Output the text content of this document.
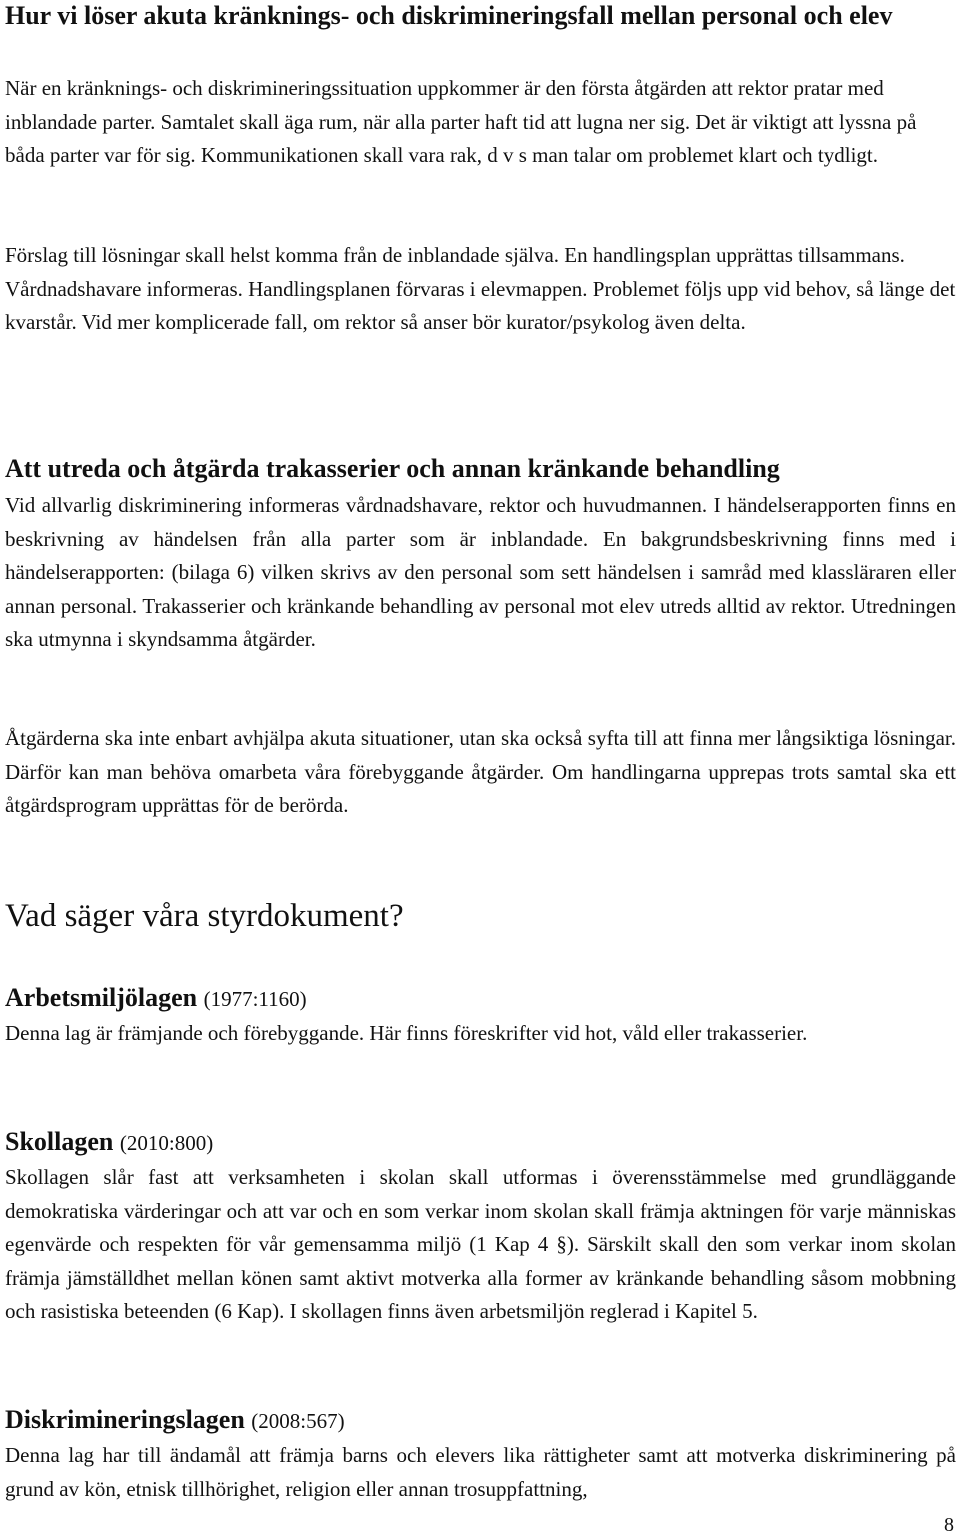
Hur vi löser akuta kränknings- och diskrimineringsfall mellan personal och elev

När en kränknings- och diskrimineringssituation uppkommer är den första åtgärden att rektor pratar med inblandade parter. Samtalet skall äga rum, när alla parter haft tid att lugna ner sig. Det är viktigt att lyssna på båda parter var för sig. Kommunikationen skall vara rak, d v s man talar om problemet klart och tydligt.

Förslag till lösningar skall helst komma från de inblandade själva. En handlingsplan upprättas tillsammans. Vårdnadshavare informeras. Handlingsplanen förvaras i elevmappen. Problemet följs upp vid behov, så länge det kvarstår. Vid mer komplicerade fall, om rektor så anser bör kurator/psykolog även delta.

Att utreda och åtgärda trakasserier och annan kränkande behandling

Vid allvarlig diskriminering informeras vårdnadshavare, rektor och huvudmannen. I händelserapporten finns en beskrivning av händelsen från alla parter som är inblandade. En bakgrundsbeskrivning finns med i händelserapporten: (bilaga 6) vilken skrivs av den personal som sett händelsen i samråd med klassläraren eller annan personal. Trakasserier och kränkande behandling av personal mot elev utreds alltid av rektor. Utredningen ska utmynna i skyndsamma åtgärder.

Åtgärderna ska inte enbart avhjälpa akuta situationer, utan ska också syfta till att finna mer långsiktiga lösningar. Därför kan man behöva omarbeta våra förebyggande åtgärder. Om handlingarna upprepas trots samtal ska ett åtgärdsprogram upprättas för de berörda.

Vad säger våra styrdokument?
Arbetsmiljölagen (1977:1160)

Denna lag är främjande och förebyggande. Här finns föreskrifter vid hot, våld eller trakasserier.

Skollagen (2010:800)

Skollagen slår fast att verksamheten i skolan skall utformas i överensstämmelse med grundläggande demokratiska värderingar och att var och en som verkar inom skolan skall främja aktningen för varje människas egenvärde och respekten för vår gemensamma miljö (1 Kap 4 §). Särskilt skall den som verkar inom skolan främja jämställdhet mellan könen samt aktivt motverka alla former av kränkande behandling såsom mobbning och rasistiska beteenden (6 Kap). I skollagen finns även arbetsmiljön reglerad i Kapitel 5.

Diskrimineringslagen (2008:567)

Denna lag har till ändamål att främja barns och elevers lika rättigheter samt att motverka diskriminering på grund av kön, etnisk tillhörighet, religion eller annan trosuppfattning,

8
